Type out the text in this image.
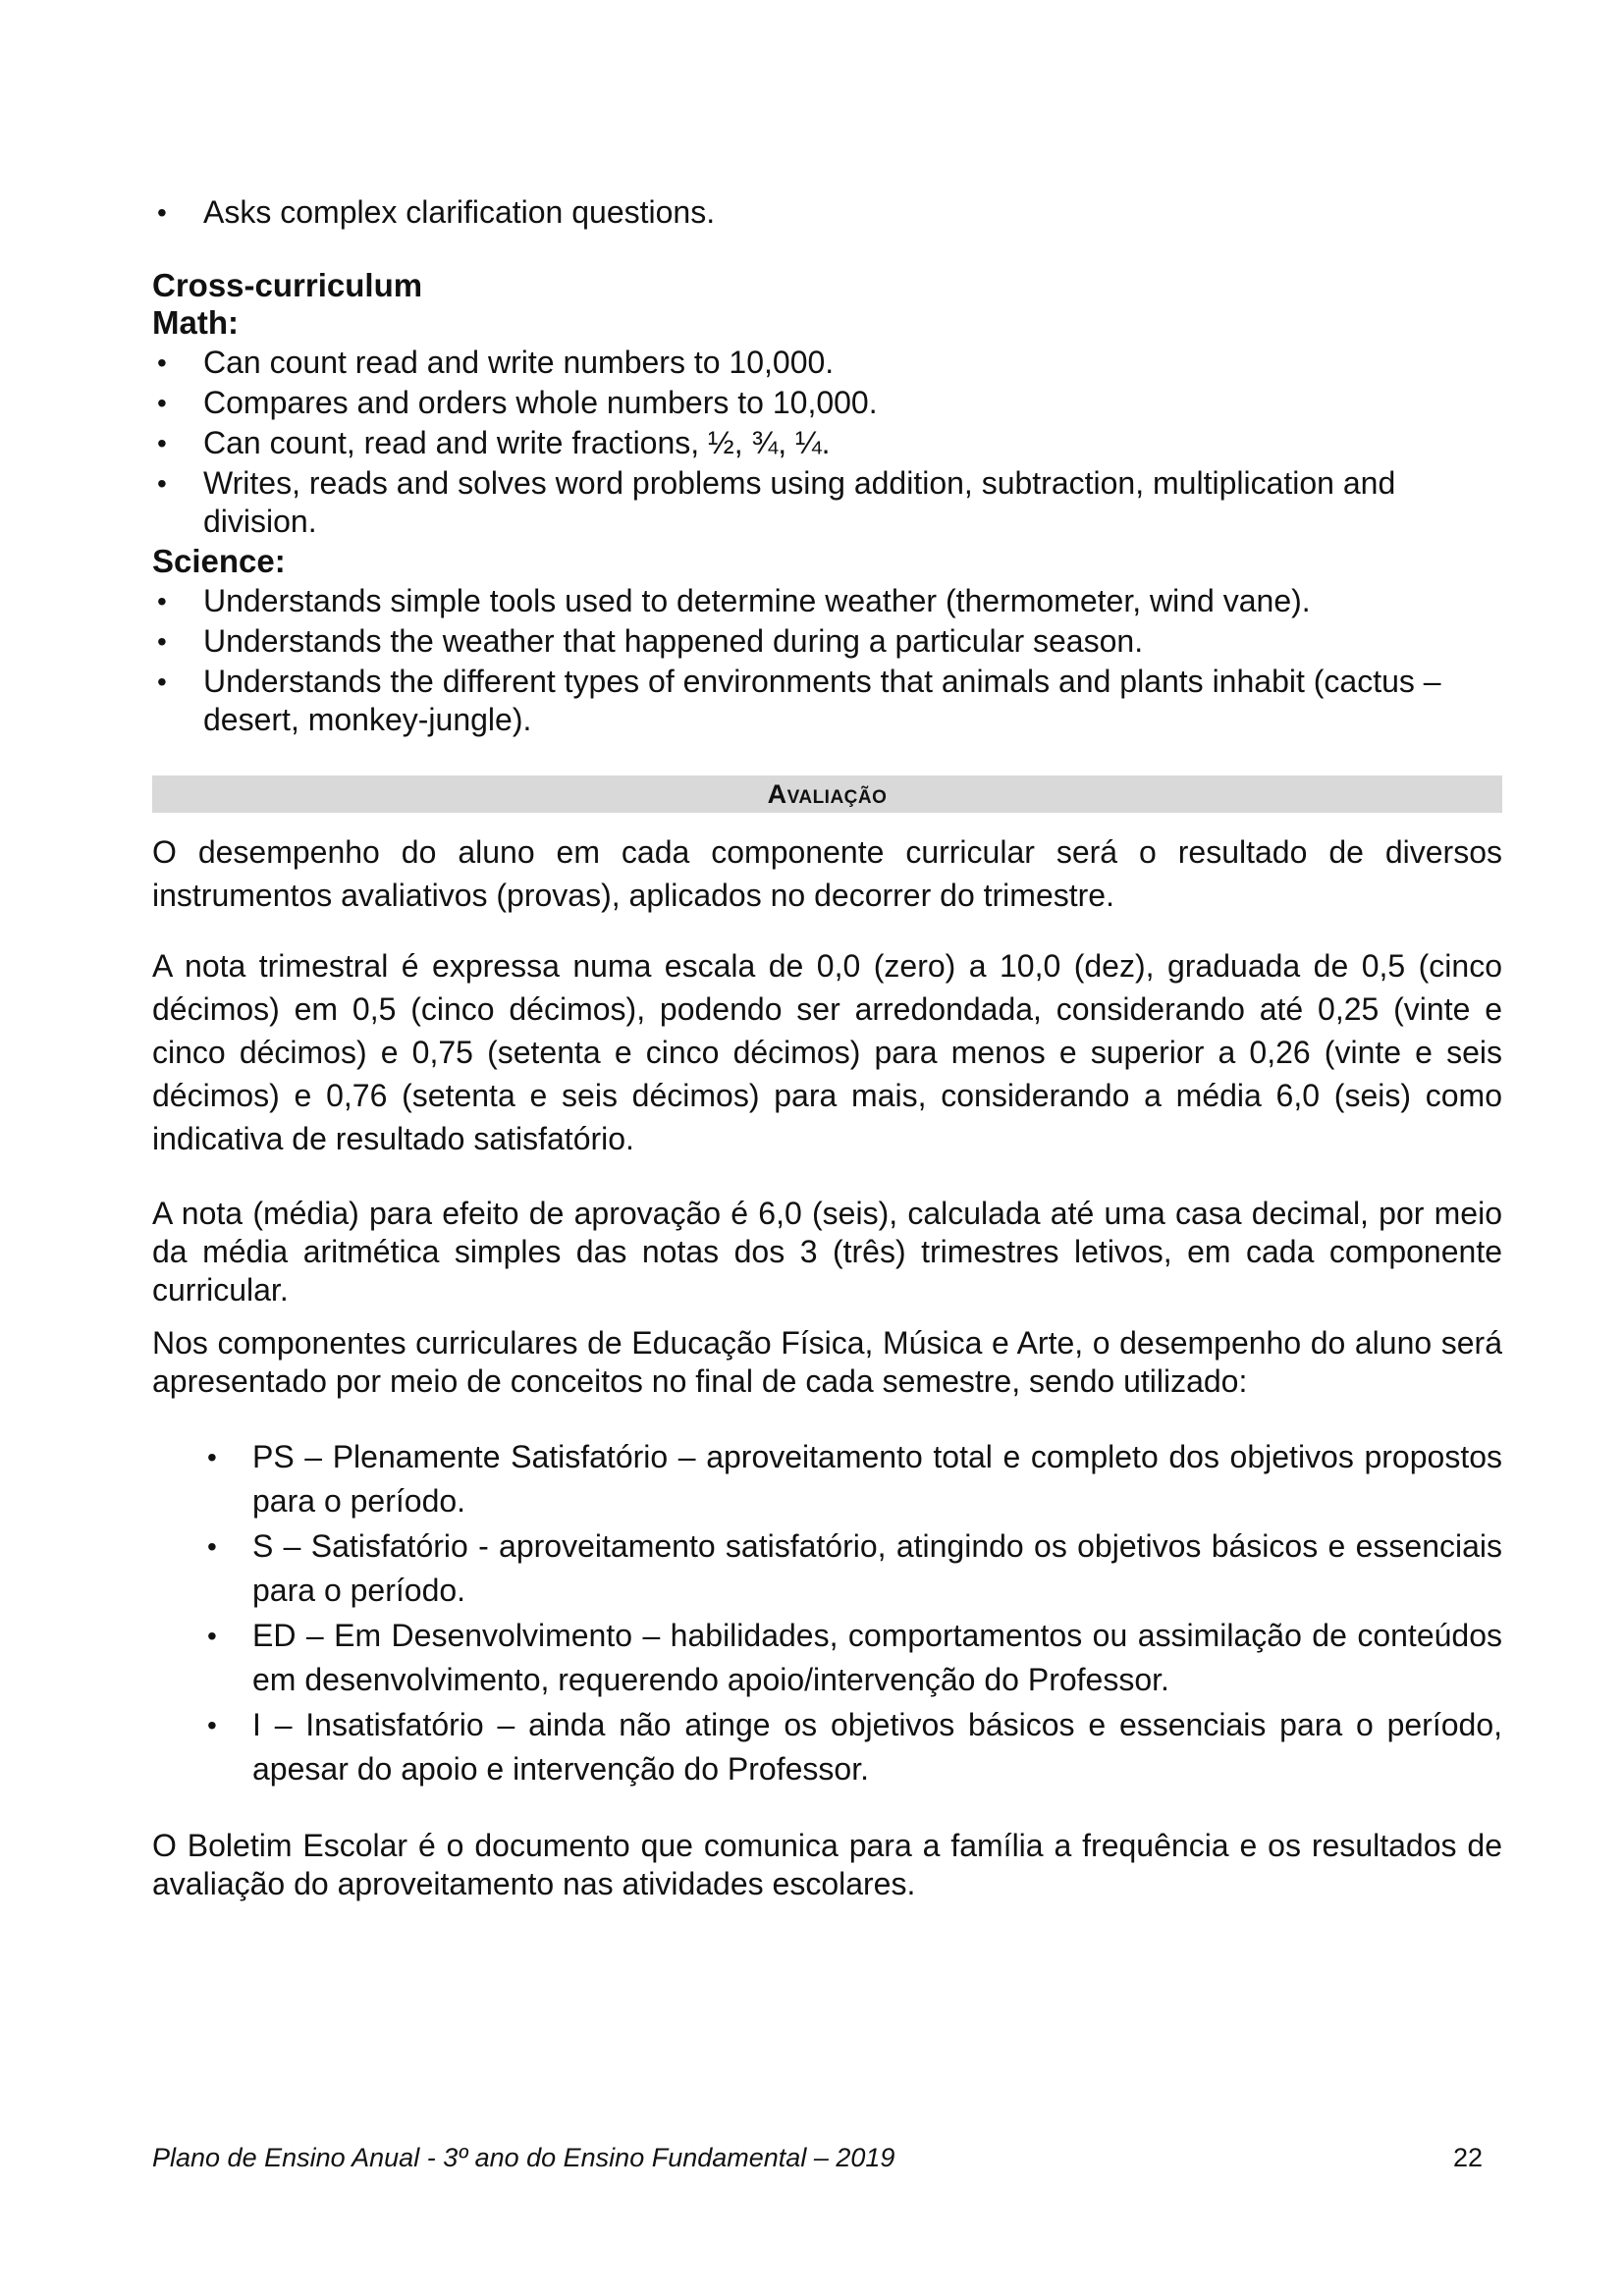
• Asks complex clarification questions.
Cross-curriculum
Math:
• Can count read and write numbers to 10,000.
• Compares and orders whole numbers to 10,000.
• Can count, read and write fractions, ½, ¾, ¼.
• Writes, reads and solves word problems using addition, subtraction, multiplication and division.
Science:
• Understands simple tools used to determine weather (thermometer, wind vane).
• Understands the weather that happened during a particular season.
• Understands the different types of environments that animals and plants inhabit (cactus – desert, monkey-jungle).
Avaliação

O desempenho do aluno em cada componente curricular será o resultado de diversos instrumentos avaliativos (provas), aplicados no decorrer do trimestre.

A nota trimestral é expressa numa escala de 0,0 (zero) a 10,0 (dez), graduada de 0,5 (cinco décimos) em 0,5 (cinco décimos), podendo ser arredondada, considerando até 0,25 (vinte e cinco décimos) e 0,75 (setenta e cinco décimos) para menos e superior a 0,26 (vinte e seis décimos) e 0,76 (setenta e seis décimos) para mais, considerando a média 6,0 (seis) como indicativa de resultado satisfatório.

A nota (média) para efeito de aprovação é 6,0 (seis), calculada até uma casa decimal, por meio da média aritmética simples das notas dos 3 (três) trimestres letivos, em cada componente curricular.

Nos componentes curriculares de Educação Física, Música e Arte, o desempenho do aluno será apresentado por meio de conceitos no final de cada semestre, sendo utilizado:

• PS – Plenamente Satisfatório – aproveitamento total e completo dos objetivos propostos para o período.
• S – Satisfatório - aproveitamento satisfatório, atingindo os objetivos básicos e essenciais para o período.
• ED – Em Desenvolvimento – habilidades, comportamentos ou assimilação de conteúdos em desenvolvimento, requerendo apoio/intervenção do Professor.
• I – Insatisfatório – ainda não atinge os objetivos básicos e essenciais para o período, apesar do apoio e intervenção do Professor.

O Boletim Escolar é o documento que comunica para a família a frequência e os resultados de avaliação do aproveitamento nas atividades escolares.

Plano de Ensino Anual - 3º ano do Ensino Fundamental – 2019	22
